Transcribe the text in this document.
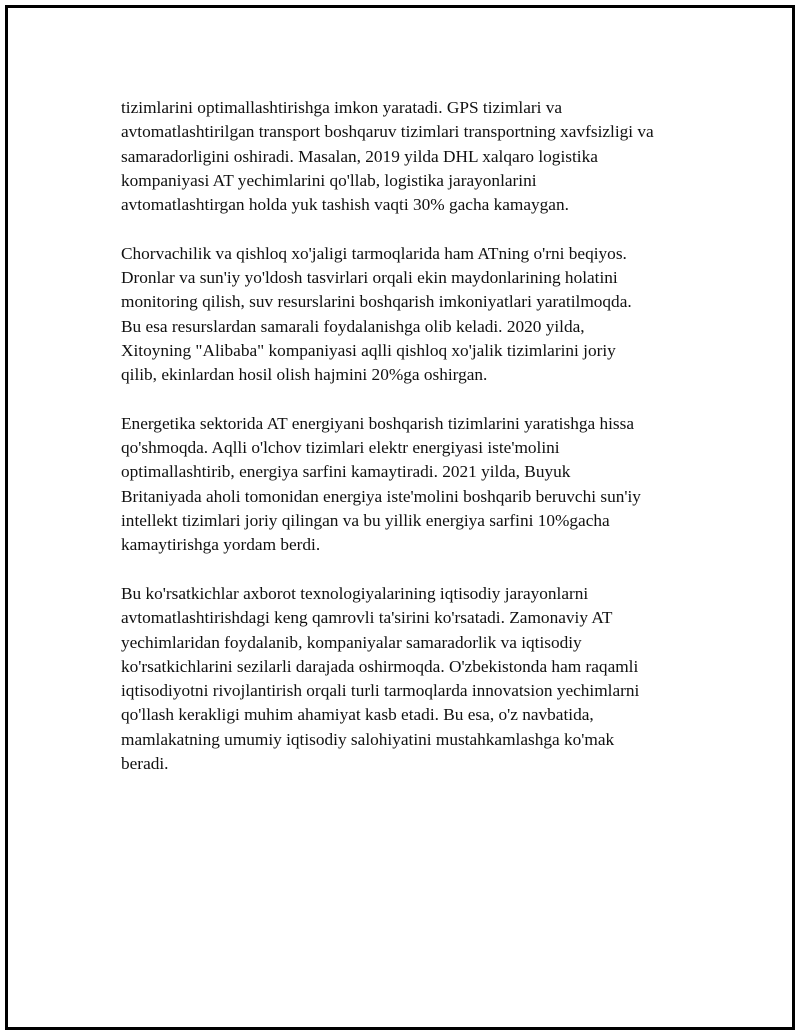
tizimlarini optimallashtirishga imkon yaratadi. GPS tizimlari va
avtomatlashtirilgan transport boshqaruv tizimlari transportning xavfsizligi va
samaradorligini oshiradi. Masalan, 2019 yilda DHL xalqaro logistika
kompaniyasi AT yechimlarini qo'llab, logistika jarayonlarini
avtomatlashtirgan holda yuk tashish vaqti 30% gacha kamaygan.

Chorvachilik va qishloq xo'jaligi tarmoqlarida ham ATning o'rni beqiyos.
Dronlar va sun'iy yo'ldosh tasvirlari orqali ekin maydonlarining holatini
monitoring qilish, suv resurslarini boshqarish imkoniyatlari yaratilmoqda.
Bu esa resurslardan samarali foydalanishga olib keladi. 2020 yilda,
Xitoyning "Alibaba" kompaniyasi aqlli qishloq xo'jalik tizimlarini joriy
qilib, ekinlardan hosil olish hajmini 20%ga oshirgan.

Energetika sektorida AT energiyani boshqarish tizimlarini yaratishga hissa
qo'shmoqda. Aqlli o'lchov tizimlari elektr energiyasi iste'molini
optimallashtirib, energiya sarfini kamaytiradi. 2021 yilda, Buyuk
Britaniyada aholi tomonidan energiya iste'molini boshqarib beruvchi sun'iy
intellekt tizimlari joriy qilingan va bu yillik energiya sarfini 10%gacha
kamaytirishga yordam berdi.

Bu ko'rsatkichlar axborot texnologiyalarining iqtisodiy jarayonlarni
avtomatlashtirishdagi keng qamrovli ta'sirini ko'rsatadi. Zamonaviy AT
yechimlaridan foydalanib, kompaniyalar samaradorlik va iqtisodiy
ko'rsatkichlarini sezilarli darajada oshirmoqda. O'zbekistonda ham raqamli
iqtisodiyotni rivojlantirish orqali turli tarmoqlarda innovatsion yechimlarni
qo'llash kerakligi muhim ahamiyat kasb etadi. Bu esa, o'z navbatida,
mamlakatning umumiy iqtisodiy salohiyatini mustahkamlashga ko'mak
beradi.
